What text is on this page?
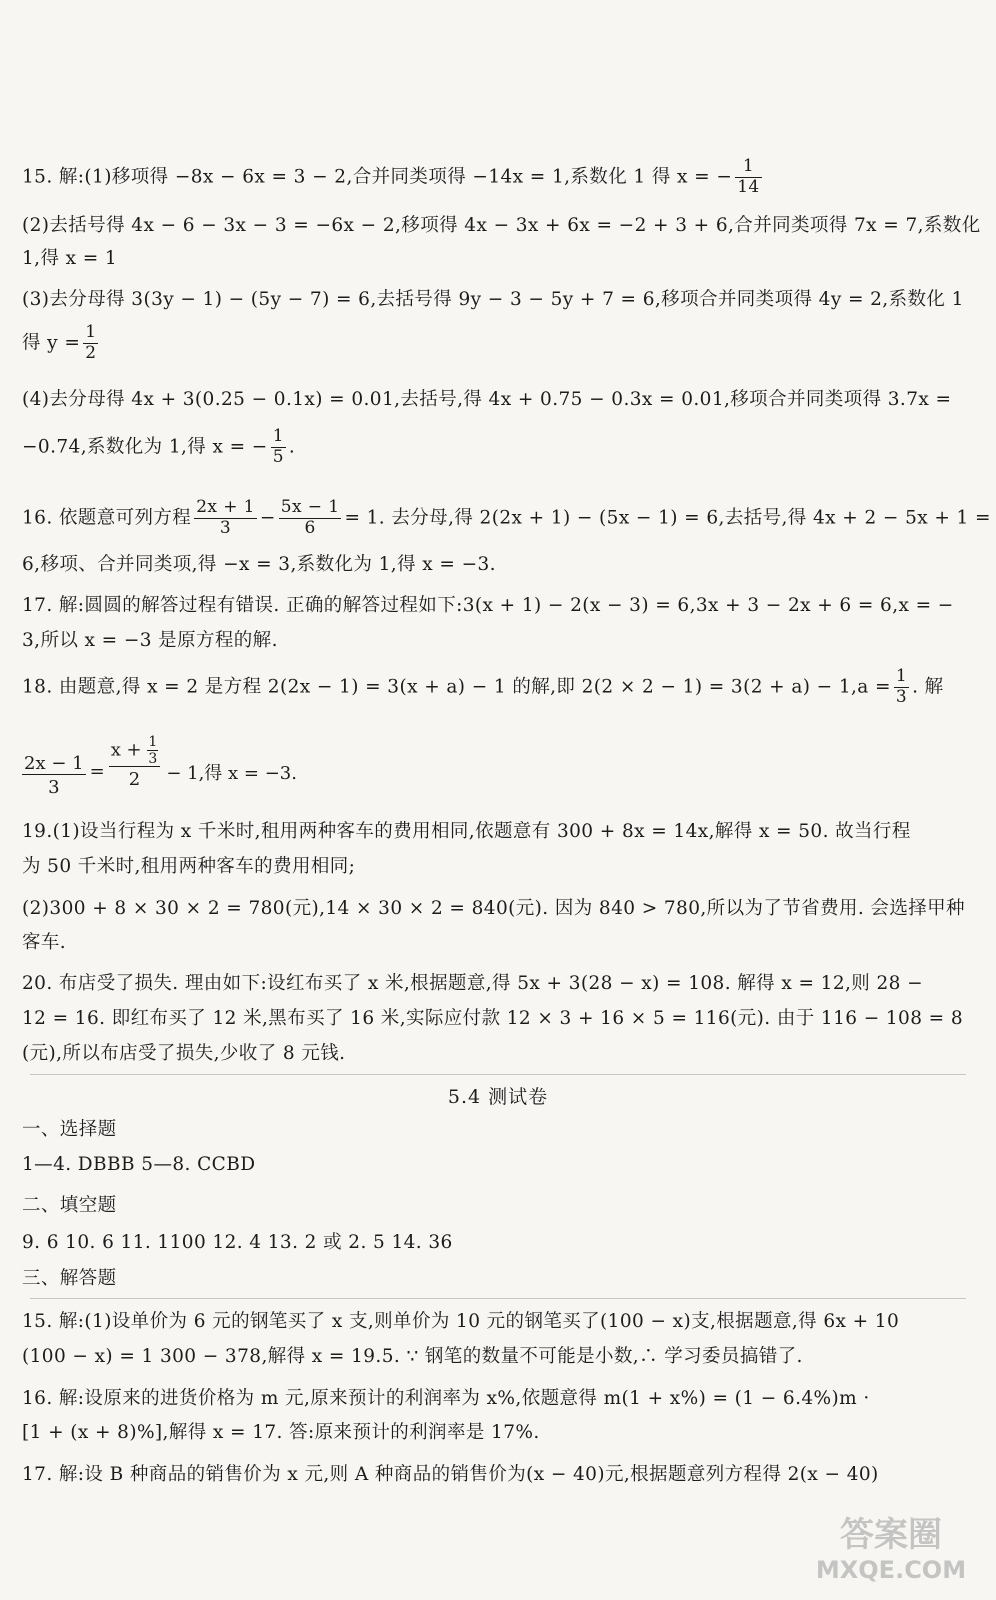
15. 解:(1)移项得 −8x − 6x = 3 − 2,合并同类项得 −14x = 1,系数化 1 得 x = − $\frac{1}{14}$
(2)去括号得 4x − 6 − 3x − 3 = −6x − 2,移项得 4x − 3x + 6x = −2 + 3 + 6,合并同类项得 7x = 7,系数化
1,得 x = 1
(3)去分母得 3(3y − 1) − (5y − 7) = 6,去括号得 9y − 3 − 5y + 7 = 6,移项合并同类项得 4y = 2,系数化 1
得 $y = \frac{1}{2}$
(4)去分母得 4x + 3(0.25 − 0.1x) = 0.01,去括号,得 4x + 0.75 − 0.3x = 0.01,移项合并同类项得 3.7x =
−0.74,系数化为 1,得 x = − $\frac{1}{5}$ .
16. 依题意可列方程 $\frac{2x + 1}{3} - \frac{5x - 1}{6} = 1$. 去分母,得 2(2x + 1) − (5x − 1) = 6,去括号,得 4x + 2 − 5x + 1 =
6,移项、合并同类项,得 −x = 3,系数化为 1,得 x = −3.
17. 解:圆圆的解答过程有错误. 正确的解答过程如下:3(x + 1) − 2(x − 3) = 6,3x + 3 − 2x + 6 = 6,x = −
3,所以 x = −3 是原方程的解.
18. 由题意,得 x = 2 是方程 2(2x − 1) = 3(x + a) − 1 的解,即 $2(2 \times 2 - 1) = 3(2 + a) - 1,a = \frac{1}{3}$ . 解
$\frac{2x - 1}{3} = \frac{x + \frac{1}{3}}{2} - 1$,得 x = −3.
19.(1)设当行程为 x 千米时,租用两种客车的费用相同,依题意有 300 + 8x = 14x,解得 x = 50. 故当行程
为 50 千米时,租用两种客车的费用相同;
(2)300 + 8 × 30 × 2 = 780(元),14 × 30 × 2 = 840(元). 因为 840 > 780,所以为了节省费用. 会选择甲种
客车.
20. 布店受了损失. 理由如下:设红布买了 x 米,根据题意,得 5x + 3(28 − x) = 108. 解得 x = 12,则 28 −
12 = 16. 即红布买了 12 米,黑布买了 16 米,实际应付款 12 × 3 + 16 × 5 = 116(元). 由于 116 − 108 = 8
(元),所以布店受了损失,少收了 8 元钱.
5.4 测试卷
一、选择题
1—4. DBBB 5—8. CCBD
二、填空题
9. 6 10. 6 11. 1100 12. 4 13. 2 或 2. 5 14. 36
三、解答题
15. 解:(1)设单价为 6 元的钢笔买了 x 支,则单价为 10 元的钢笔买了(100 − x)支,根据题意,得 6x + 10
(100 − x) = 1 300 − 378,解得 x = 19.5. ∵ 钢笔的数量不可能是小数,∴ 学习委员搞错了.
16. 解:设原来的进货价格为 m 元,原来预计的利润率为 x%,依题意得 m(1 + x%) = (1 − 6.4%)m ·
[1 + (x + 8)%],解得 x = 17. 答:原来预计的利润率是 17%.
17. 解:设 B 种商品的销售价为 x 元,则 A 种商品的销售价为(x − 40)元,根据题意列方程得 2(x − 40)
答案圈
MXQE.COM
